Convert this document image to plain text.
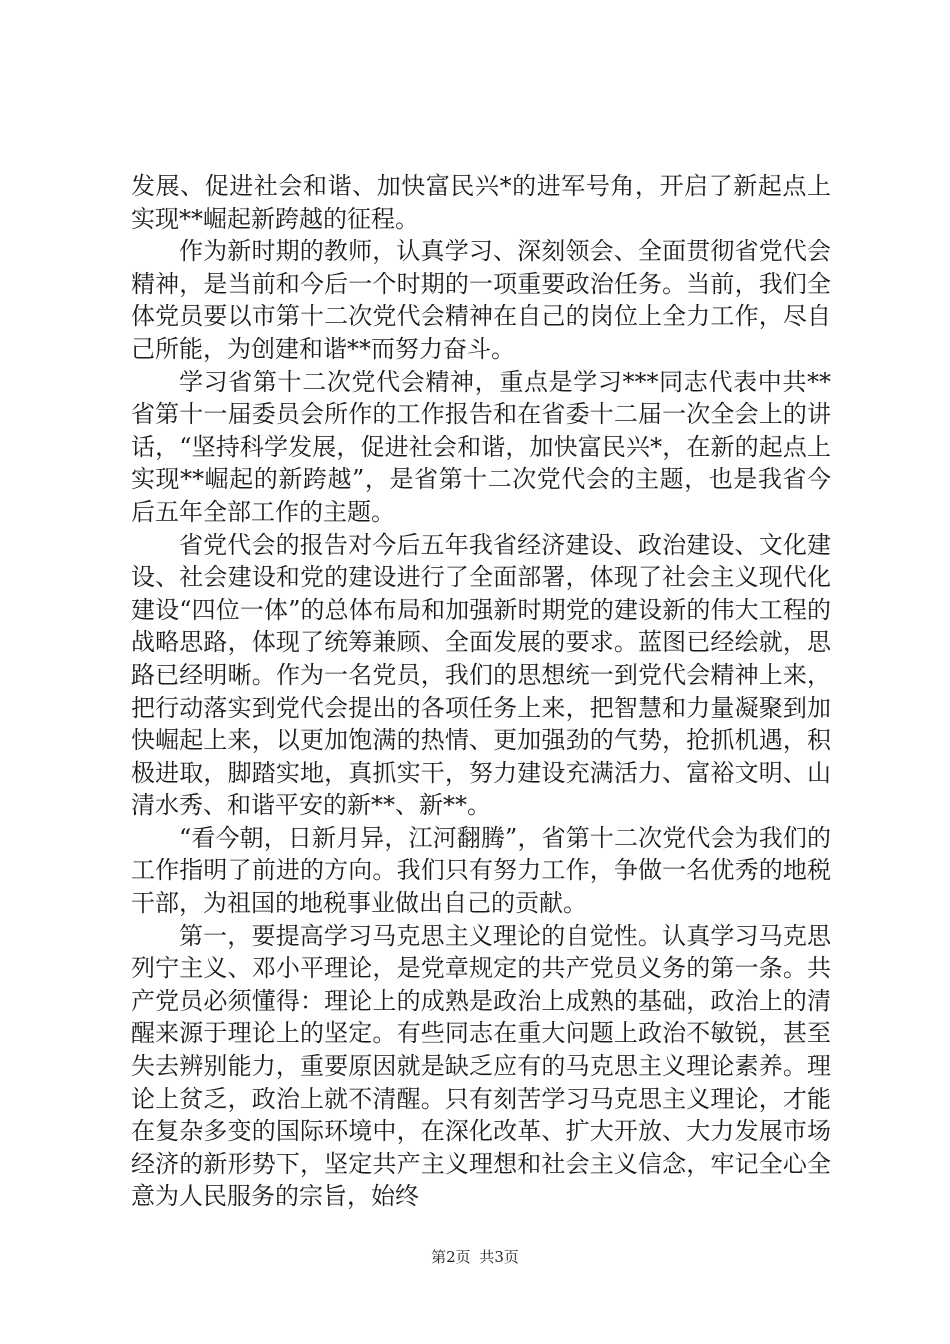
发展、促进社会和谐、加快富民兴*的进军号角，开启了新起点上实现**崛起新跨越的征程。

作为新时期的教师，认真学习、深刻领会、全面贯彻省党代会精神，是当前和今后一个时期的一项重要政治任务。当前，我们全体党员要以市第十二次党代会精神在自己的岗位上全力工作，尽自己所能，为创建和谐**而努力奋斗。

学习省第十二次党代会精神，重点是学习***同志代表中共**省第十一届委员会所作的工作报告和在省委十二届一次全会上的讲话，“坚持科学发展，促进社会和谐，加快富民兴*，在新的起点上实现**崛起的新跨越”，是省第十二次党代会的主题，也是我省今后五年全部工作的主题。

省党代会的报告对今后五年我省经济建设、政治建设、文化建设、社会建设和党的建设进行了全面部署，体现了社会主义现代化建设“四位一体”的总体布局和加强新时期党的建设新的伟大工程的战略思路，体现了统筹兼顾、全面发展的要求。蓝图已经绘就，思路已经明晰。作为一名党员，我们的思想统一到党代会精神上来，把行动落实到党代会提出的各项任务上来，把智慧和力量凝聚到加快崛起上来，以更加饱满的热情、更加强劲的气势，抢抓机遇，积极进取，脚踏实地，真抓实干，努力建设充满活力、富裕文明、山清水秀、和谐平安的新**、新**。

“看今朝，日新月异，江河翻腾”，省第十二次党代会为我们的工作指明了前进的方向。我们只有努力工作，争做一名优秀的地税干部，为祖国的地税事业做出自己的贡献。

第一，要提高学习马克思主义理论的自觉性。认真学习马克思列宁主义、邓小平理论，是党章规定的共产党员义务的第一条。共产党员必须懂得：理论上的成熟是政治上成熟的基础，政治上的清醒来源于理论上的坚定。有些同志在重大问题上政治不敏锐，甚至失去辨别能力，重要原因就是缺乏应有的马克思主义理论素养。理论上贫乏，政治上就不清醒。只有刻苦学习马克思主义理论，才能在复杂多变的国际环境中，在深化改革、扩大开放、大力发展市场经济的新形势下，坚定共产主义理想和社会主义信念，牢记全心全意为人民服务的宗旨，始终

第2页 共3页
